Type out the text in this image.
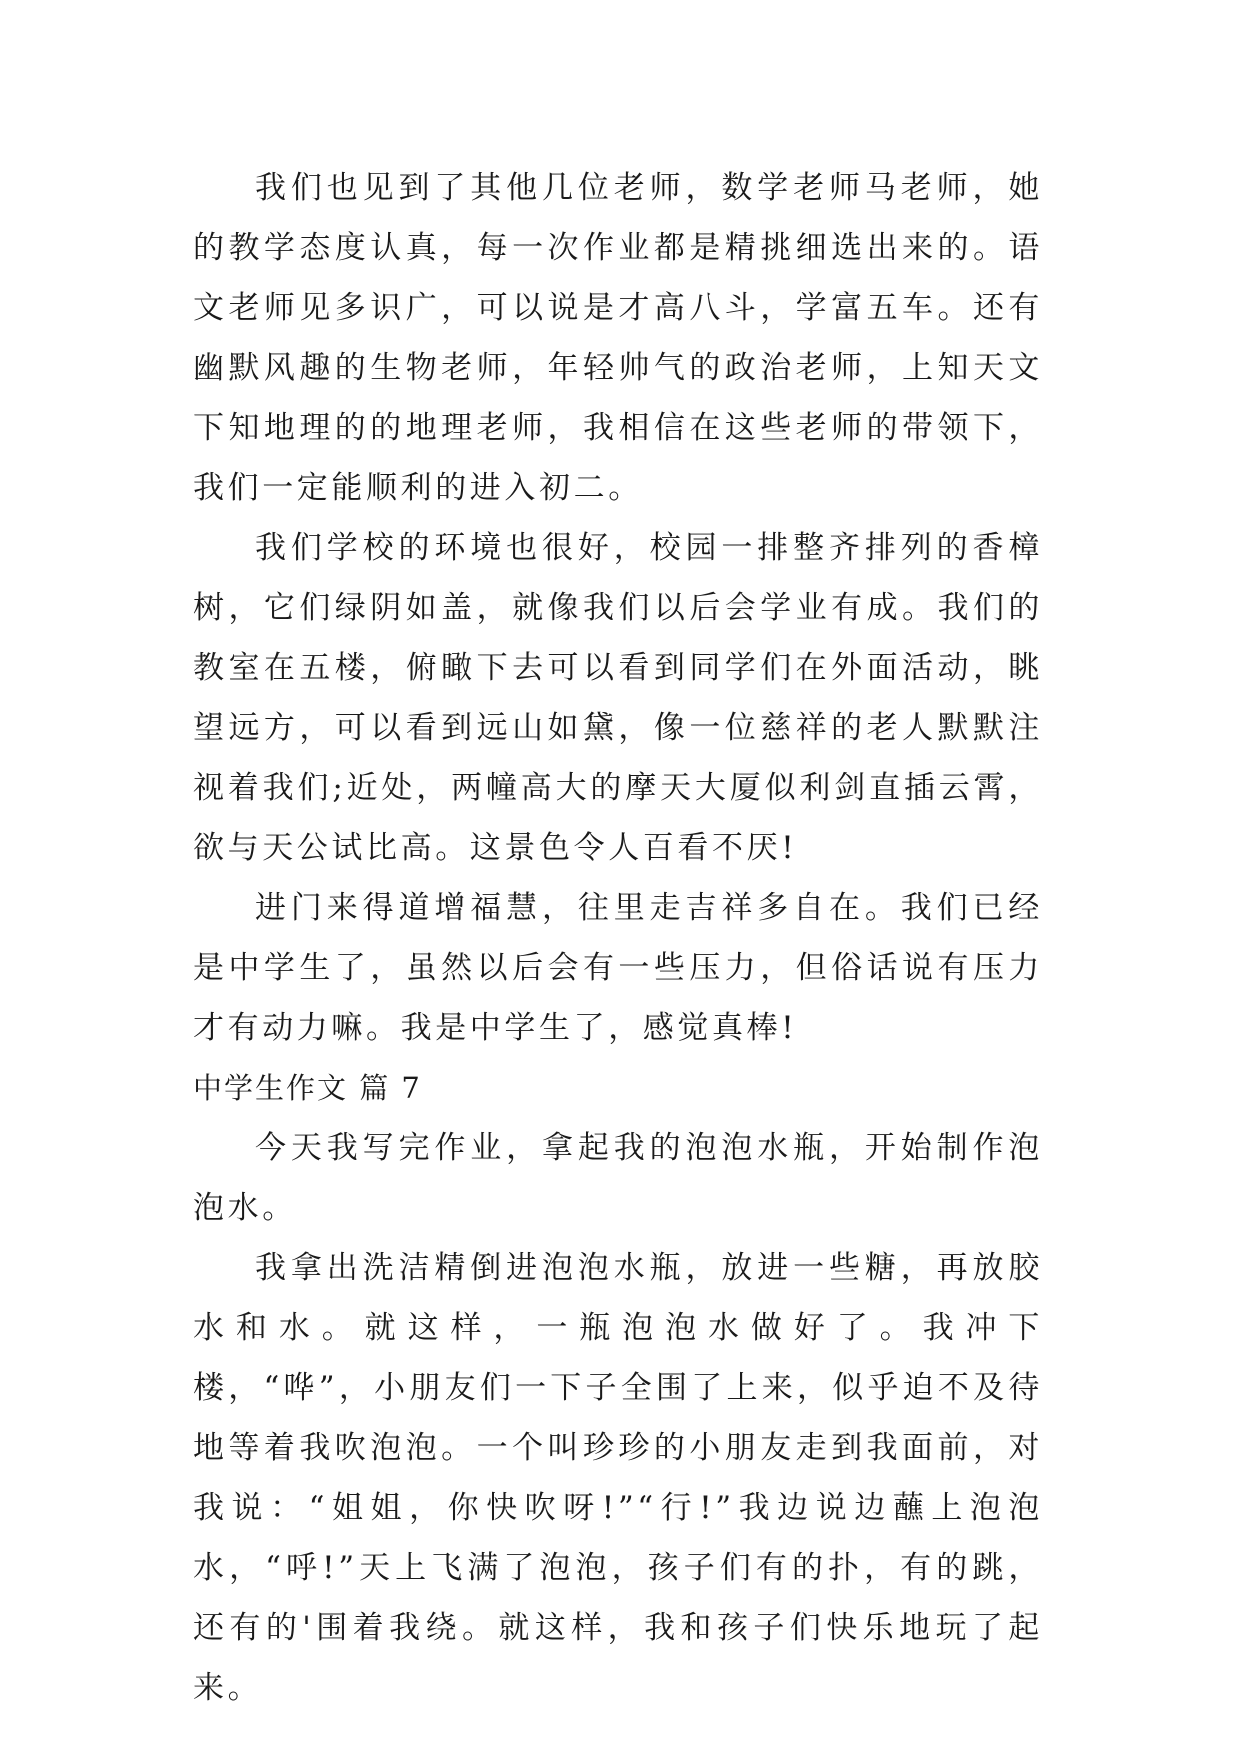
我们也见到了其他几位老师，数学老师马老师，她的教学态度认真，每一次作业都是精挑细选出来的。语文老师见多识广，可以说是才高八斗，学富五车。还有幽默风趣的生物老师，年轻帅气的政治老师，上知天文下知地理的的地理老师，我相信在这些老师的带领下，我们一定能顺利的进入初二。

我们学校的环境也很好，校园一排整齐排列的香樟树，它们绿阴如盖，就像我们以后会学业有成。我们的教室在五楼，俯瞰下去可以看到同学们在外面活动，眺望远方，可以看到远山如黛，像一位慈祥的老人默默注视着我们;近处，两幢高大的摩天大厦似利剑直插云霄，欲与天公试比高。这景色令人百看不厌!

进门来得道增福慧，往里走吉祥多自在。我们已经是中学生了，虽然以后会有一些压力，但俗话说有压力才有动力嘛。我是中学生了，感觉真棒!

中学生作文 篇 7

今天我写完作业，拿起我的泡泡水瓶，开始制作泡泡水。

我拿出洗洁精倒进泡泡水瓶，放进一些糖，再放胶水和水。就这样，一瓶泡泡水做好了。我冲下楼，“哗”，小朋友们一下子全围了上来，似乎迫不及待地等着我吹泡泡。一个叫珍珍的小朋友走到我面前，对我说：“姐姐，你快吹呀!”“行!”我边说边蘸上泡泡水，“呼!”天上飞满了泡泡，孩子们有的扑，有的跳，还有的'围着我绕。就这样，我和孩子们快乐地玩了起来。
